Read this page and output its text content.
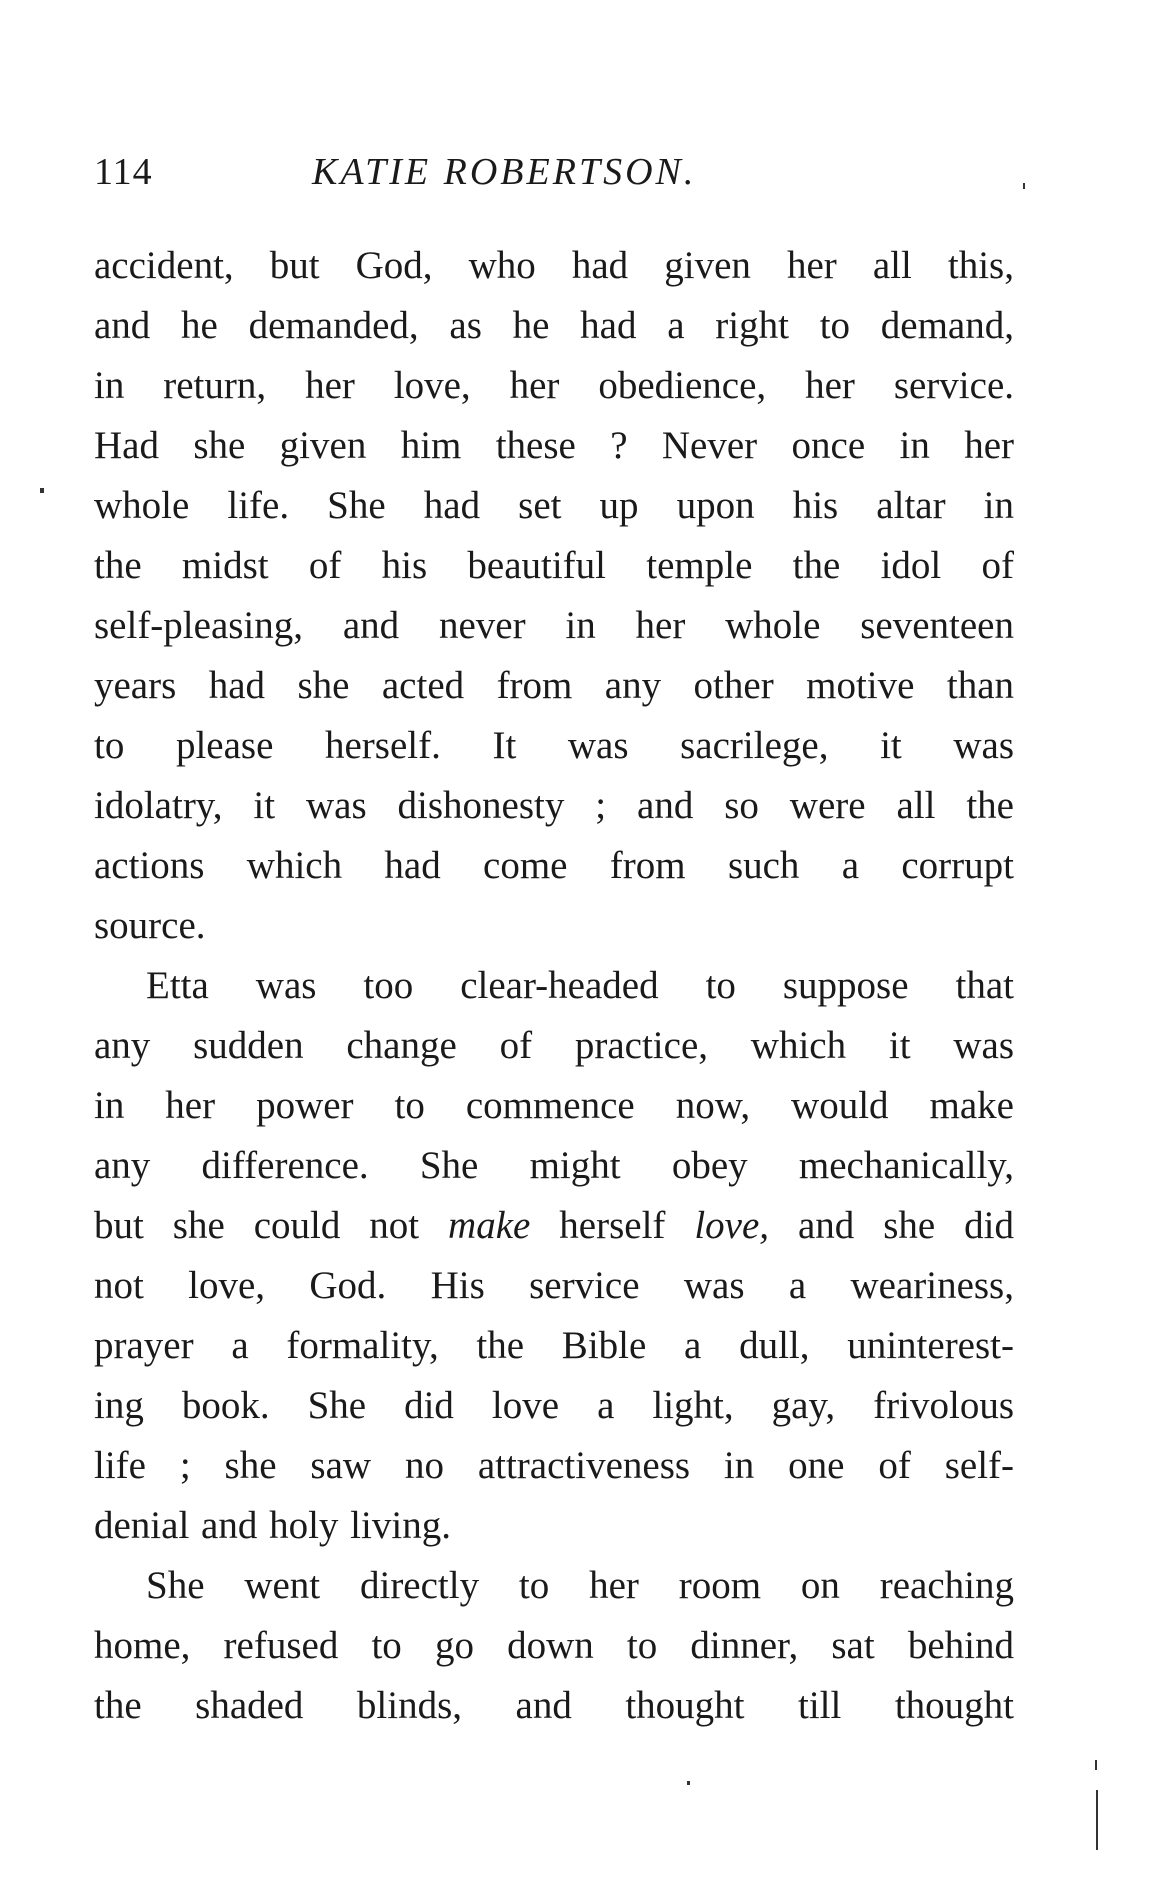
114	KATIE ROBERTSON.
accident, but God, who had given her all this,
and he demanded, as he had a right to demand,
in return, her love, her obedience, her service.
Had she given him these ? Never once in her
whole life. She had set up upon his altar in
the midst of his beautiful temple the idol of
self-pleasing, and never in her whole seventeen
years had she acted from any other motive than
to please herself. It was sacrilege, it was
idolatry, it was dishonesty ; and so were all the
actions which had come from such a corrupt
source.
Etta was too clear-headed to suppose that
any sudden change of practice, which it was
in her power to commence now, would make
any difference. She might obey mechanically,
but she could not make herself love, and she did
not love, God. His service was a weariness,
prayer a formality, the Bible a dull, uninterest-
ing book. She did love a light, gay, frivolous
life ; she saw no attractiveness in one of self-
denial and holy living.
She went directly to her room on reaching
home, refused to go down to dinner, sat behind
the shaded blinds, and thought till thought
